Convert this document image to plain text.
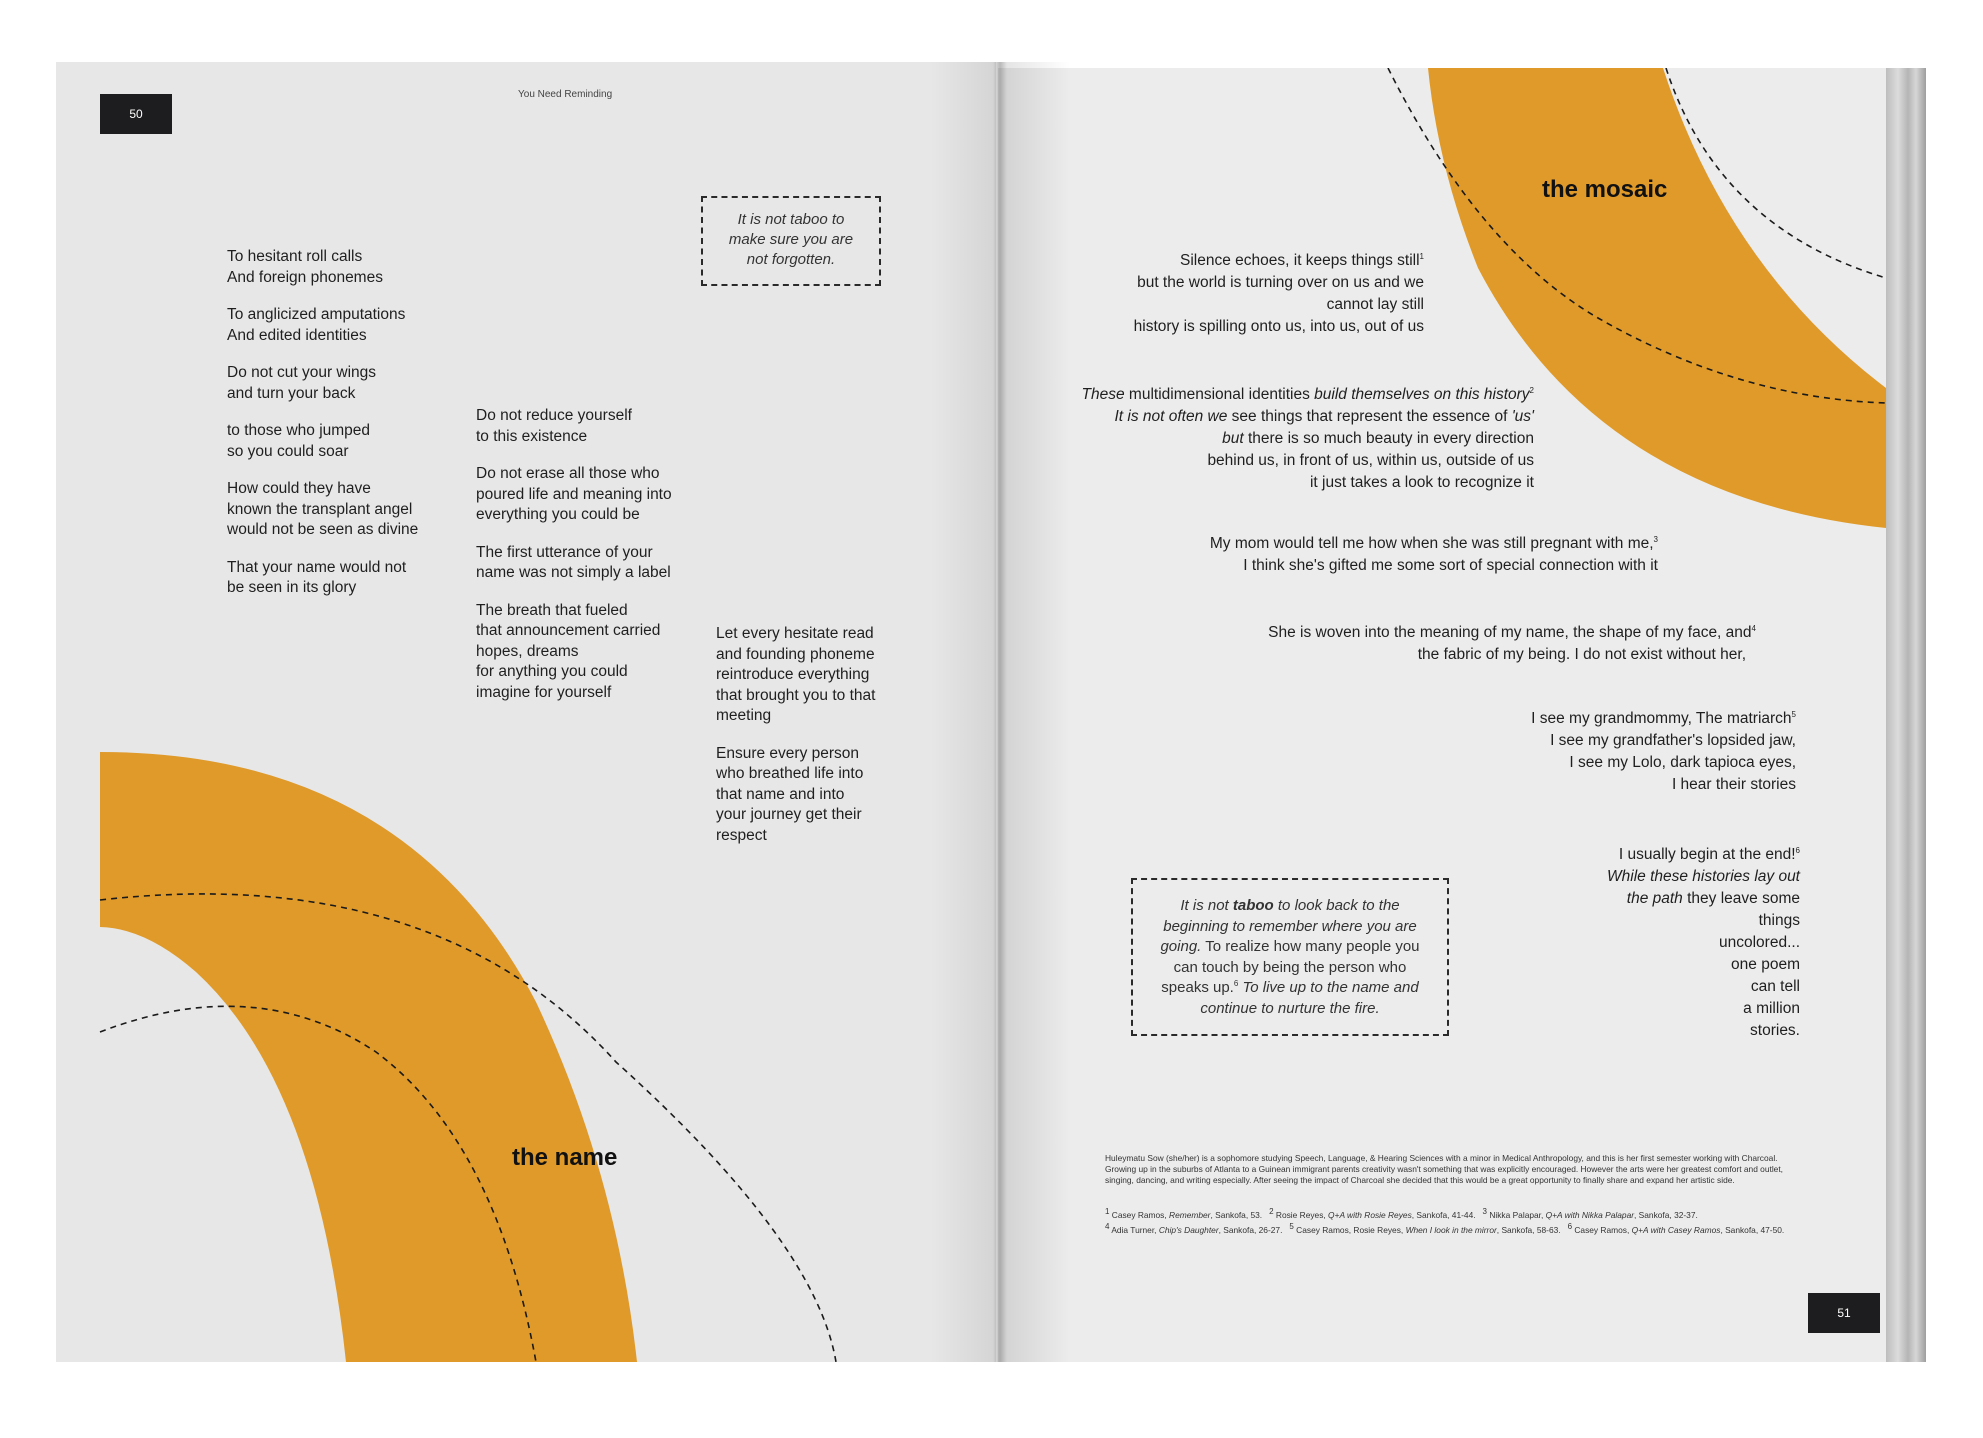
50
You Need Reminding
It is not taboo to
make sure you are
not forgotten.

To hesitant roll calls
And foreign phonemes

To anglicized amputations
And edited identities

Do not cut your wings
and turn your back

to those who jumped
so you could soar

How could they have
known the transplant angel
would not be seen as divine

That your name would not
be seen in its glory

Do not reduce yourself
to this existence

Do not erase all those who
poured life and meaning into
everything you could be

The first utterance of your
name was not simply a label

The breath that fueled
that announcement carried
hopes, dreams
for anything you could
imagine for yourself

Let every hesitate read
and founding phoneme
reintroduce everything
that brought you to that
meeting

Ensure every person
who breathed life into
that name and into
your journey get their
respect

the name
the mosaic
Silence echoes, it keeps things still$^1$
but the world is turning over on us and we
cannot lay still
history is spilling onto us, into us, out of us
These multidimensional identities build themselves on this history$^2$
It is not often we see things that represent the essence of 'us'
but there is so much beauty in every direction
behind us, in front of us, within us, outside of us
it just takes a look to recognize it
My mom would tell me how when she was still pregnant with me,$^3$
I think she's gifted me some sort of special connection with it
She is woven into the meaning of my name, the shape of my face, and$^4$
the fabric of my being. I do not exist without her,
I see my grandmommy, The matriarch$^5$
I see my grandfather's lopsided jaw,
I see my Lolo, dark tapioca eyes,
I hear their stories
I usually begin at the end!$^6$
While these histories lay out
the path they leave some
things
uncolored...
one poem
can tell
a million
stories.
It is not taboo to look back to the beginning to remember where you are going. To realize how many people you can touch by being the person who speaks up.$^6$ To live up to the name and continue to nurture the fire.
Huleymatu Sow (she/her) is a sophomore studying Speech, Language, & Hearing Sciences with a minor in Medical Anthropology, and this is her first semester working with Charcoal. Growing up in the suburbs of Atlanta to a Guinean immigrant parents creativity wasn't something that was explicitly encouraged. However the arts were her greatest comfort and outlet, singing, dancing, and writing especially. After seeing the impact of Charcoal she decided that this would be a great opportunity to finally share and expand her artistic side.
$^1$ Casey Ramos, Remember, Sankofa, 53. $^2$ Rosie Reyes, Q+A with Rosie Reyes, Sankofa, 41-44. $^3$ Nikka Palapar, Q+A with Nikka Palapar, Sankofa, 32-37.
$^4$ Adia Turner, Chip's Daughter, Sankofa, 26-27. $^5$ Casey Ramos, Rosie Reyes, When I look in the mirror, Sankofa, 58-63. $^6$ Casey Ramos, Q+A with Casey Ramos, Sankofa, 47-50.
51
